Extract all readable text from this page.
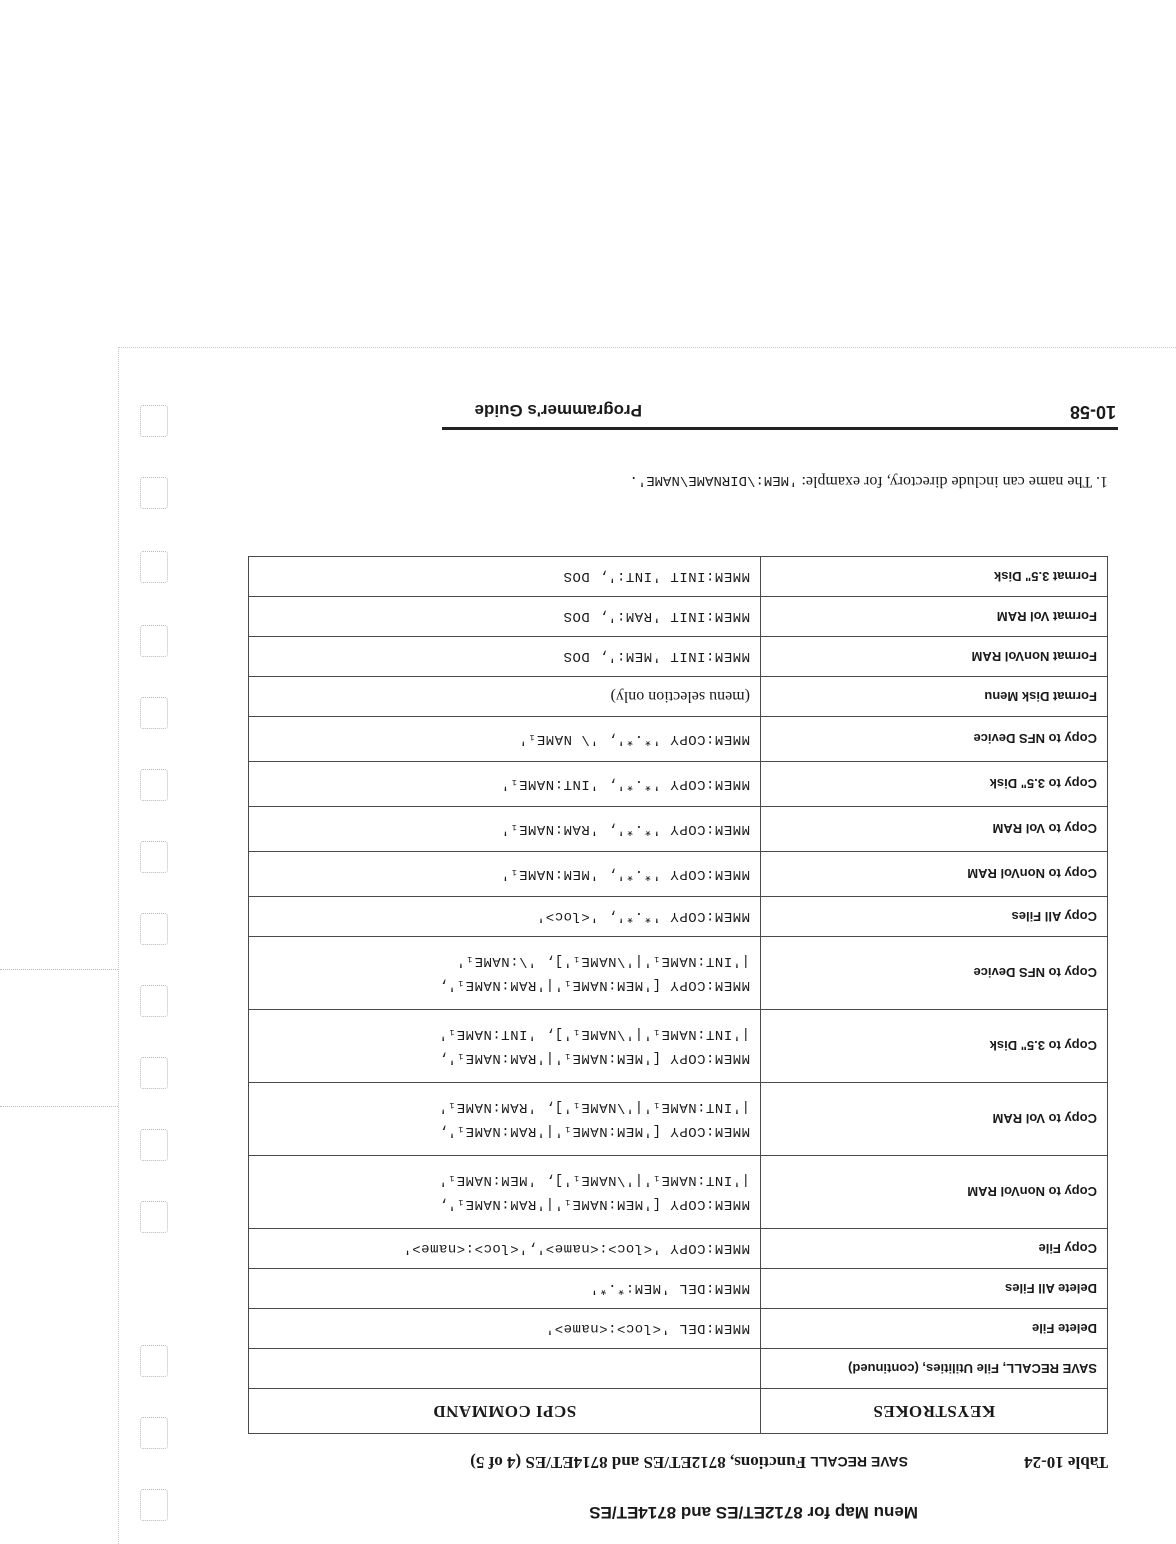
Menu Map for 8712ET/ES and 8714ET/ES
Table 10-24
SAVE RECALL Functions, 8712ET/ES and 8714ET/ES (4 of 5)
KEYSTROKES	SCPI COMMAND
SAVE RECALL, File Utilities, (continued)	
Delete File	MMEM:DEL '<loc>:<name>'
Delete All Files	MMEM:DEL 'MEM:*.*'
Copy File	MMEM:COPY '<loc>:<name>','<loc>:<name>'
Copy to NonVol RAM	MMEM:COPY ['MEM:NAME₁'|'RAM:NAME₁',
|'INT:NAME₁'|'\NAME₁'], 'MEM:NAME₁'

Copy to Vol RAM	MMEM:COPY ['MEM:NAME₁'|'RAM:NAME₁',
|'INT:NAME₁'|'\NAME₁'], 'RAM:NAME₁'

Copy to 3.5" Disk	MMEM:COPY ['MEM:NAME₁'|'RAM:NAME₁',
|'INT:NAME₁'|'\NAME₁'], 'INT:NAME₁'

Copy to NFS Device	MMEM:COPY ['MEM:NAME₁'|'RAM:NAME₁',
|'INT:NAME₁'|'\NAME₁'], '\:NAME₁'

Copy All Files	MMEM:COPY '*.*', '<loc>'
Copy to NonVol RAM	MMEM:COPY '*.*', 'MEM:NAME₁'
Copy to Vol RAM	MMEM:COPY '*.*', 'RAM:NAME₁'
Copy to 3.5" Disk	MMEM:COPY '*.*', 'INT:NAME₁'
Copy to NFS Device	MMEM:COPY '*.*', '\ NAME₁'
Format Disk Menu	(menu selection only)
Format NonVol RAM	MMEM:INIT 'MEM:', DOS
Format Vol RAM	MMEM:INIT 'RAM:', DOS
Format 3.5" Disk	MMEM:INIT 'INT:', DOS
1. The name can include directory, for example: 'MEM:\DIRNAME\NAME'.
10-58
Programmer's Guide
